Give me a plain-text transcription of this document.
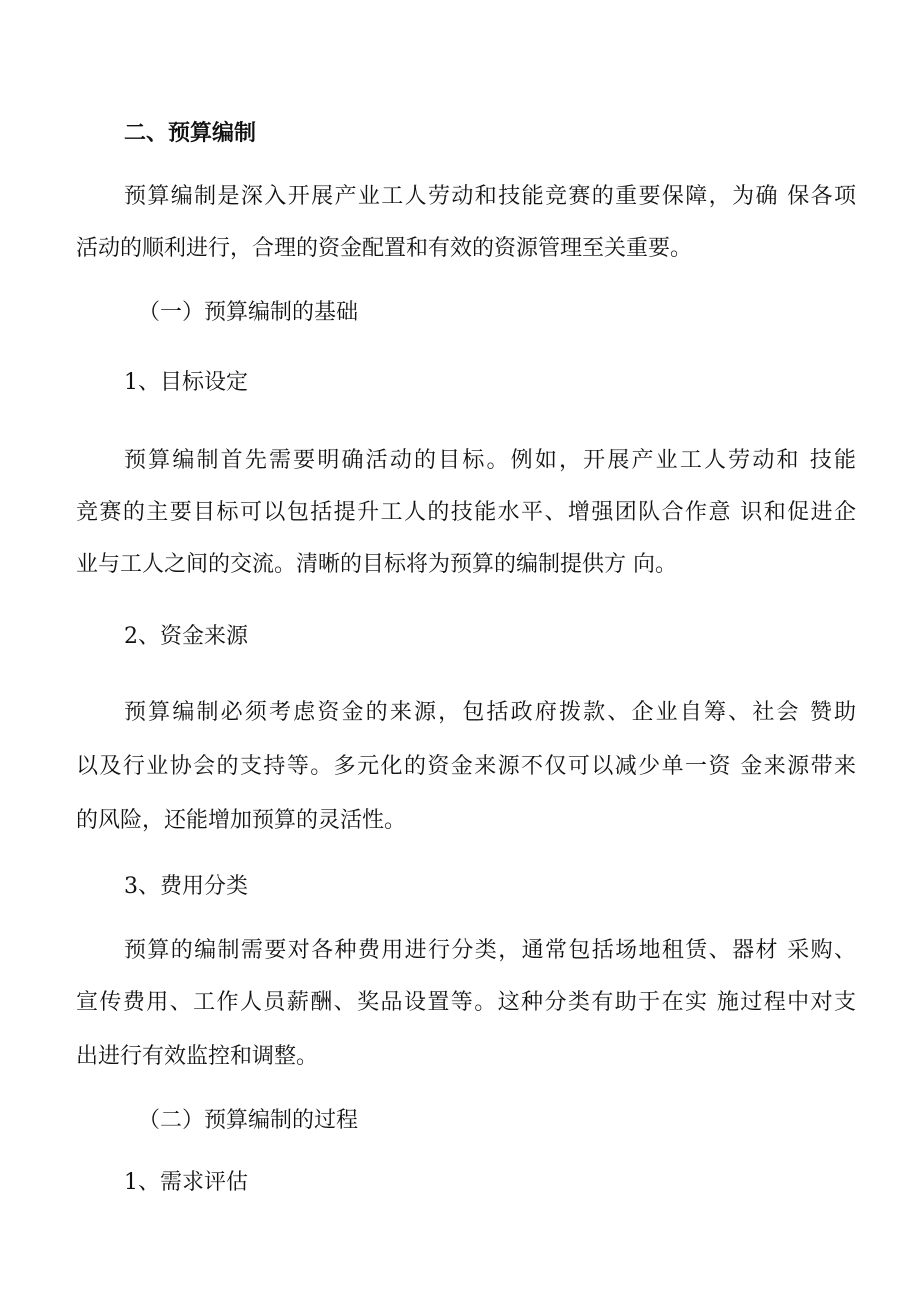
二、预算编制
预算编制是深入开展产业工人劳动和技能竞赛的重要保障，为确 保各项
活动的顺利进行，合理的资金配置和有效的资源管理至关重要。
（一）预算编制的基础
1、目标设定
预算编制首先需要明确活动的目标。例如，开展产业工人劳动和 技能
竞赛的主要目标可以包括提升工人的技能水平、增强团队合作意 识和促进企
业与工人之间的交流。清晰的目标将为预算的编制提供方 向。
2、资金来源
预算编制必须考虑资金的来源，包括政府拨款、企业自筹、社会 赞助
以及行业协会的支持等。多元化的资金来源不仅可以减少单一资 金来源带来
的风险，还能增加预算的灵活性。
3、费用分类
预算的编制需要对各种费用进行分类，通常包括场地租赁、器材 采购、
宣传费用、工作人员薪酬、奖品设置等。这种分类有助于在实 施过程中对支
出进行有效监控和调整。
（二）预算编制的过程
1、需求评估
